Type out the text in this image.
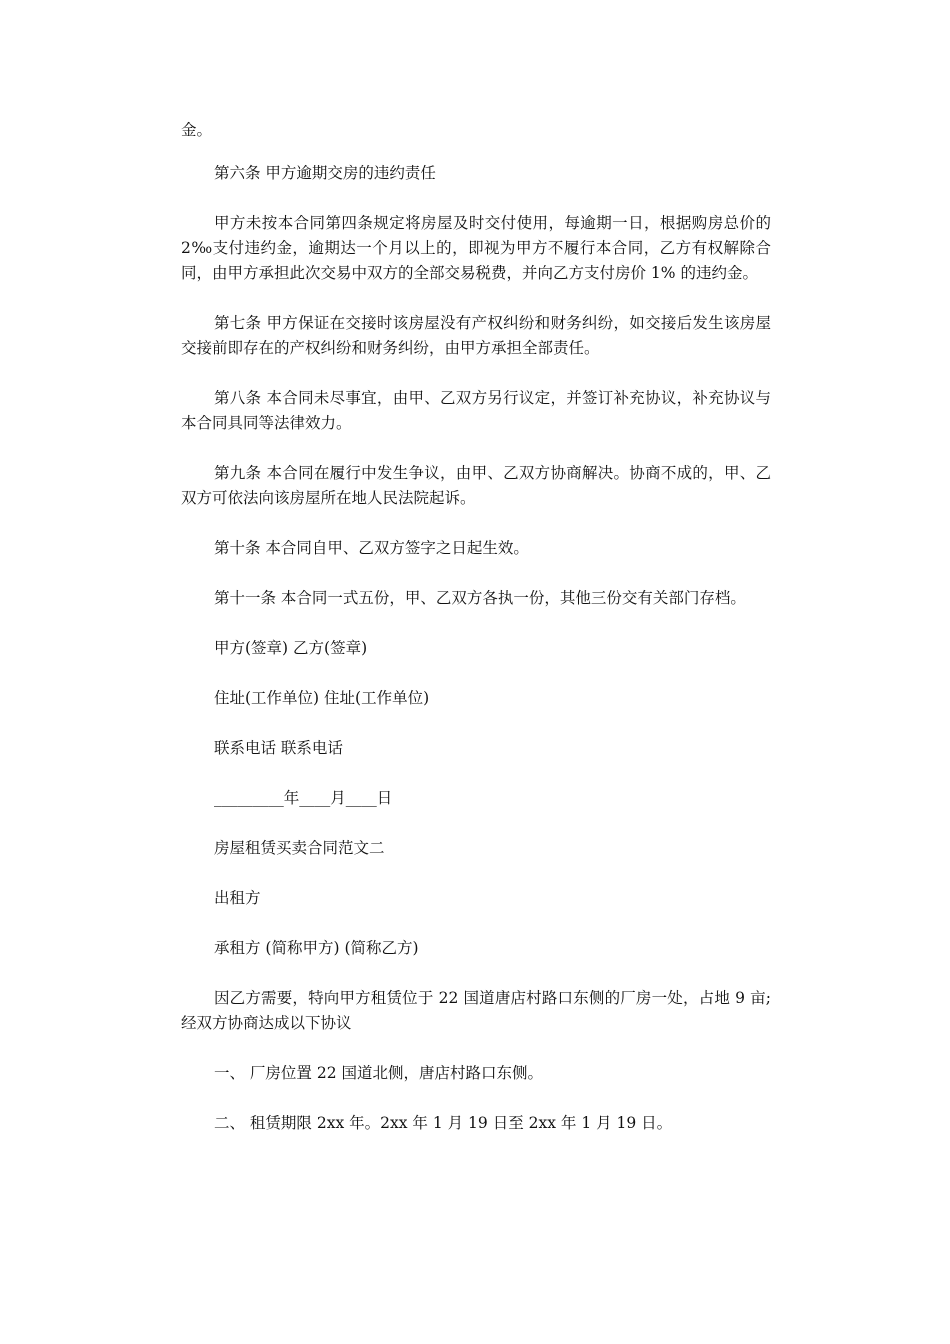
金。

第六条 甲方逾期交房的违约责任

甲方未按本合同第四条规定将房屋及时交付使用，每逾期一日，根据购房总价的 2‰支付违约金，逾期达一个月以上的，即视为甲方不履行本合同，乙方有权解除合同，由甲方承担此次交易中双方的全部交易税费，并向乙方支付房价 1% 的违约金。

第七条 甲方保证在交接时该房屋没有产权纠纷和财务纠纷，如交接后发生该房屋交接前即存在的产权纠纷和财务纠纷，由甲方承担全部责任。

第八条 本合同未尽事宜，由甲、乙双方另行议定，并签订补充协议，补充协议与本合同具同等法律效力。

第九条 本合同在履行中发生争议，由甲、乙双方协商解决。协商不成的，甲、乙双方可依法向该房屋所在地人民法院起诉。

第十条 本合同自甲、乙双方签字之日起生效。

第十一条 本合同一式五份，甲、乙双方各执一份，其他三份交有关部门存档。

甲方(签章) 乙方(签章)

住址(工作单位) 住址(工作单位)

联系电话 联系电话

_________年____月____日

房屋租赁买卖合同范文二

出租方

承租方 (简称甲方) (简称乙方)

因乙方需要，特向甲方租赁位于 22 国道唐店村路口东侧的厂房一处，占地 9 亩;经双方协商达成以下协议

一、 厂房位置 22 国道北侧，唐店村路口东侧。

二、 租赁期限 2xx 年。2xx 年 1 月 19 日至 2xx 年 1 月 19 日。
